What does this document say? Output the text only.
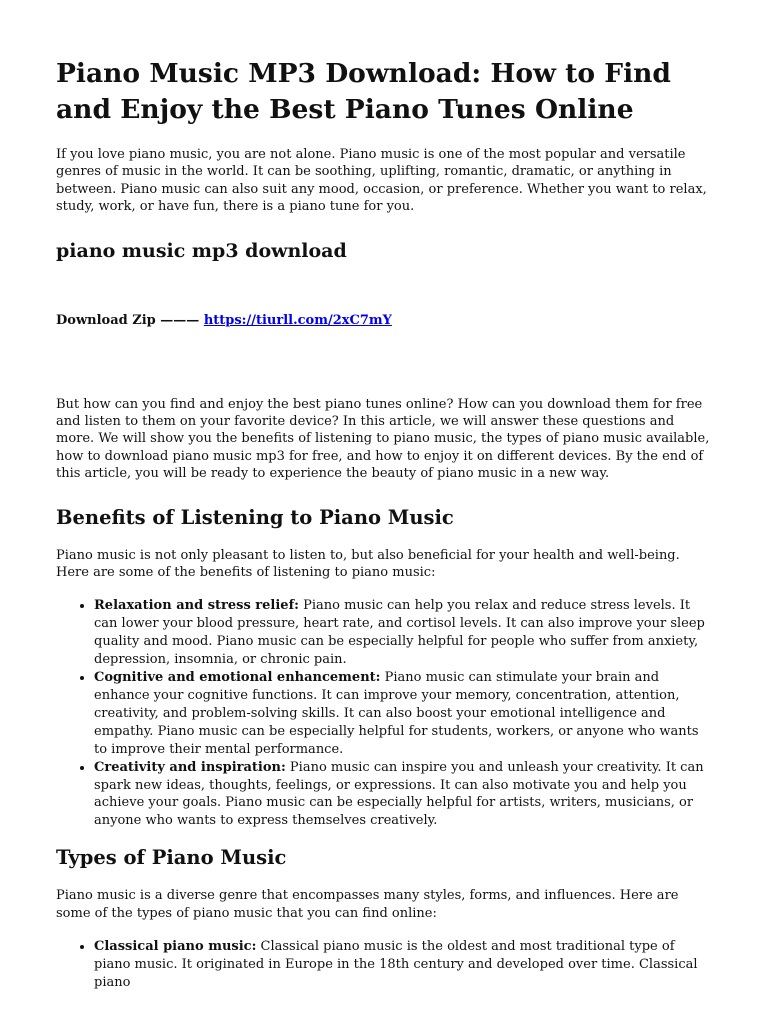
Piano Music MP3 Download: How to Find and Enjoy the Best Piano Tunes Online

If you love piano music, you are not alone. Piano music is one of the most popular and versatile genres of music in the world. It can be soothing, uplifting, romantic, dramatic, or anything in between. Piano music can also suit any mood, occasion, or preference. Whether you want to relax, study, work, or have fun, there is a piano tune for you.

piano music mp3 download
Download Zip ——— https://tiurll.com/2xC7mY

But how can you find and enjoy the best piano tunes online? How can you download them for free and listen to them on your favorite device? In this article, we will answer these questions and more. We will show you the benefits of listening to piano music, the types of piano music available, how to download piano music mp3 for free, and how to enjoy it on different devices. By the end of this article, you will be ready to experience the beauty of piano music in a new way.

Benefits of Listening to Piano Music

Piano music is not only pleasant to listen to, but also beneficial for your health and well-being. Here are some of the benefits of listening to piano music:

• Relaxation and stress relief: Piano music can help you relax and reduce stress levels. It can lower your blood pressure, heart rate, and cortisol levels. It can also improve your sleep quality and mood. Piano music can be especially helpful for people who suffer from anxiety, depression, insomnia, or chronic pain.
• Cognitive and emotional enhancement: Piano music can stimulate your brain and enhance your cognitive functions. It can improve your memory, concentration, attention, creativity, and problem-solving skills. It can also boost your emotional intelligence and empathy. Piano music can be especially helpful for students, workers, or anyone who wants to improve their mental performance.
• Creativity and inspiration: Piano music can inspire you and unleash your creativity. It can spark new ideas, thoughts, feelings, or expressions. It can also motivate you and help you achieve your goals. Piano music can be especially helpful for artists, writers, musicians, or anyone who wants to express themselves creatively.
Types of Piano Music

Piano music is a diverse genre that encompasses many styles, forms, and influences. Here are some of the types of piano music that you can find online:

• Classical piano music: Classical piano music is the oldest and most traditional type of piano music. It originated in Europe in the 18th century and developed over time. Classical piano
